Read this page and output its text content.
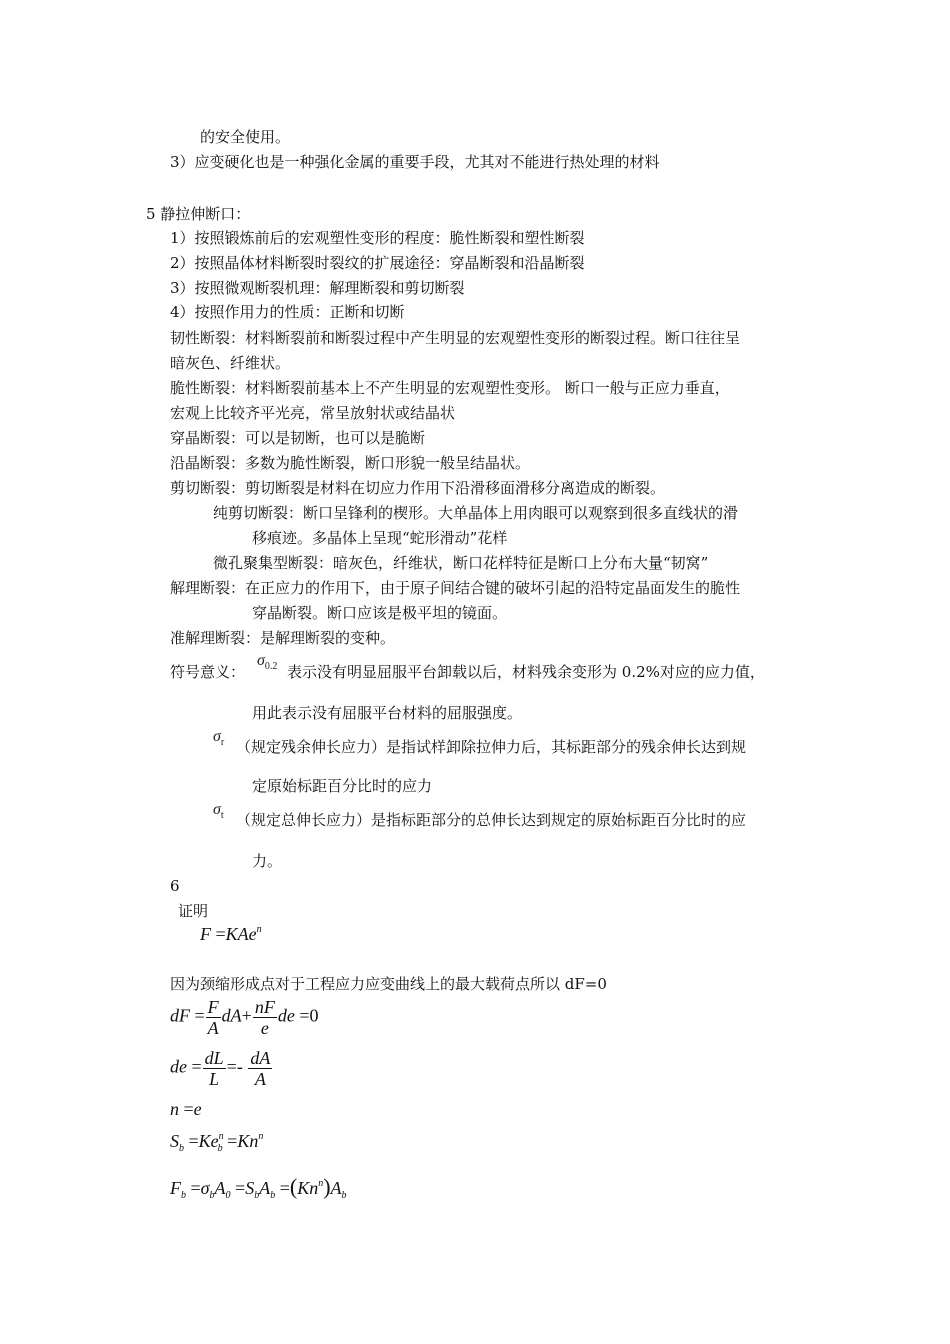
的安全使用。
3）应变硬化也是一种强化金属的重要手段，尤其对不能进行热处理的材料
5 静拉伸断口：
1）按照锻炼前后的宏观塑性变形的程度：脆性断裂和塑性断裂
2）按照晶体材料断裂时裂纹的扩展途径：穿晶断裂和沿晶断裂
3）按照微观断裂机理：解理断裂和剪切断裂
4）按照作用力的性质：正断和切断
韧性断裂：材料断裂前和断裂过程中产生明显的宏观塑性变形的断裂过程。断口往往呈
暗灰色、纤维状。
脆性断裂：材料断裂前基本上不产生明显的宏观塑性变形。 断口一般与正应力垂直，
宏观上比较齐平光亮，常呈放射状或结晶状
穿晶断裂：可以是韧断，也可以是脆断
沿晶断裂：多数为脆性断裂，断口形貌一般呈结晶状。
剪切断裂：剪切断裂是材料在切应力作用下沿滑移面滑移分离造成的断裂。
纯剪切断裂：断口呈锋利的楔形。大单晶体上用肉眼可以观察到很多直线状的滑
移痕迹。多晶体上呈现“蛇形滑动”花样
微孔聚集型断裂：暗灰色，纤维状，断口花样特征是断口上分布大量“韧窝”
解理断裂：在正应力的作用下，由于原子间结合键的破坏引起的沿特定晶面发生的脆性
穿晶断裂。断口应该是极平坦的镜面。
准解理断裂：是解理断裂的变种。
符号意义：
$\sigma_{0.2}$ 表示没有明显屈服平台卸载以后，材料残余变形为 0.2%对应的应力值，
用此表示没有屈服平台材料的屈服强度。
$\sigma_r$ （规定残余伸长应力）是指试样卸除拉伸力后，其标距部分的残余伸长达到规
定原始标距百分比时的应力
$\sigma_t$ （规定总伸长应力）是指标距部分的总伸长达到规定的原始标距百分比时的应
力。
6
证明
F =KAe$^n$
因为颈缩形成点对于工程应力应变曲线上的最大载荷点所以 dF=0
dF = $\frac{F}{A} dA+ \frac{nF}{e}$ de =0
de = $\frac{dL}{L} =- \frac{dA}{A}$
n =e
$S_b =Ke^n_b =Kn^n$
$F_b =\sigma_bA_0 =S_bA_b =(Kn^n)A_b$
